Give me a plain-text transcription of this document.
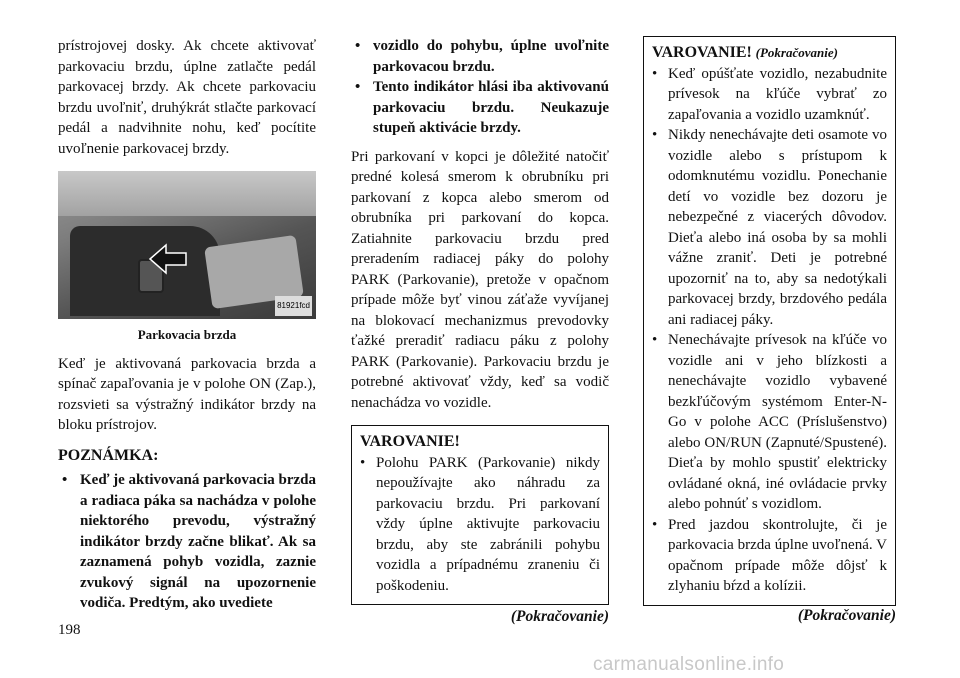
prístrojovej dosky. Ak chcete aktivovať parkovaciu brzdu, úplne zatlačte pedál parkovacej brzdy. Ak chcete parkovaciu brzdu uvoľniť, druhýkrát stlačte parkovací pedál a nadvihnite nohu, keď pocítite uvoľnenie parkovacej brzdy.

81921fcd
Parkovacia brzda

Keď je aktivovaná parkovacia brzda a spínač zapaľovania je v polohe ON (Zap.), rozsvieti sa výstražný indikátor brzdy na bloku prístrojov.

POZNÁMKA:
• Keď je aktivovaná parkovacia brzda a radiaca páka sa nachádza v polohe niektorého prevodu, výstražný indikátor brzdy začne blikať. Ak sa zaznamená pohyb vozidla, zaznie zvukový signál na upozornenie vodiča. Predtým, ako uvediete
• vozidlo do pohybu, úplne uvoľnite parkovacou brzdu.
• Tento indikátor hlási iba aktivovanú parkovaciu brzdu. Neukazuje stupeň aktivácie brzdy.

Pri parkovaní v kopci je dôležité natočiť predné kolesá smerom k obrubníku pri parkovaní z kopca alebo smerom od obrubníka pri parkovaní do kopca. Zatiahnite parkovaciu brzdu pred preradením radiacej páky do polohy PARK (Parkovanie), pretože v opačnom prípade môže byť vinou záťaže vyvíjanej na blokovací mechanizmus prevodovky ťažké preradiť radiacu páku z polohy PARK (Parkovanie). Parkovaciu brzdu je potrebné aktivovať vždy, keď sa vodič nenachádza vo vozidle.

VAROVANIE!
• Polohu PARK (Parkovanie) nikdy nepoužívajte ako náhradu za parkovaciu brzdu. Pri parkovaní vždy úplne aktivujte parkovaciu brzdu, aby ste zabránili pohybu vozidla a prípadnému zraneniu či poškodeniu.
(Pokračovanie)
VAROVANIE! (Pokračovanie)
• Keď opúšťate vozidlo, nezabudnite prívesok na kľúče vybrať zo zapaľovania a vozidlo uzamknúť.
• Nikdy nenechávajte deti osamote vo vozidle alebo s prístupom k odomknutému vozidlu. Ponechanie detí vo vozidle bez dozoru je nebezpečné z viacerých dôvodov. Dieťa alebo iná osoba by sa mohli vážne zraniť. Deti je potrebné upozorniť na to, aby sa nedotýkali parkovacej brzdy, brzdového pedála ani radiacej páky.
• Nenechávajte prívesok na kľúče vo vozidle ani v jeho blízkosti a nenechávajte vozidlo vybavené bezkľúčovým systémom Enter-N-Go v polohe ACC (Príslušenstvo) alebo ON/RUN (Zapnuté/Spustené). Dieťa by mohlo spustiť elektricky ovládané okná, iné ovládacie prvky alebo pohnúť s vozidlom.
• Pred jazdou skontrolujte, či je parkovacia brzda úplne uvoľnená. V opačnom prípade môže dôjsť k zlyhaniu bŕzd a kolízii.
(Pokračovanie)
198
carmanualsonline.info
